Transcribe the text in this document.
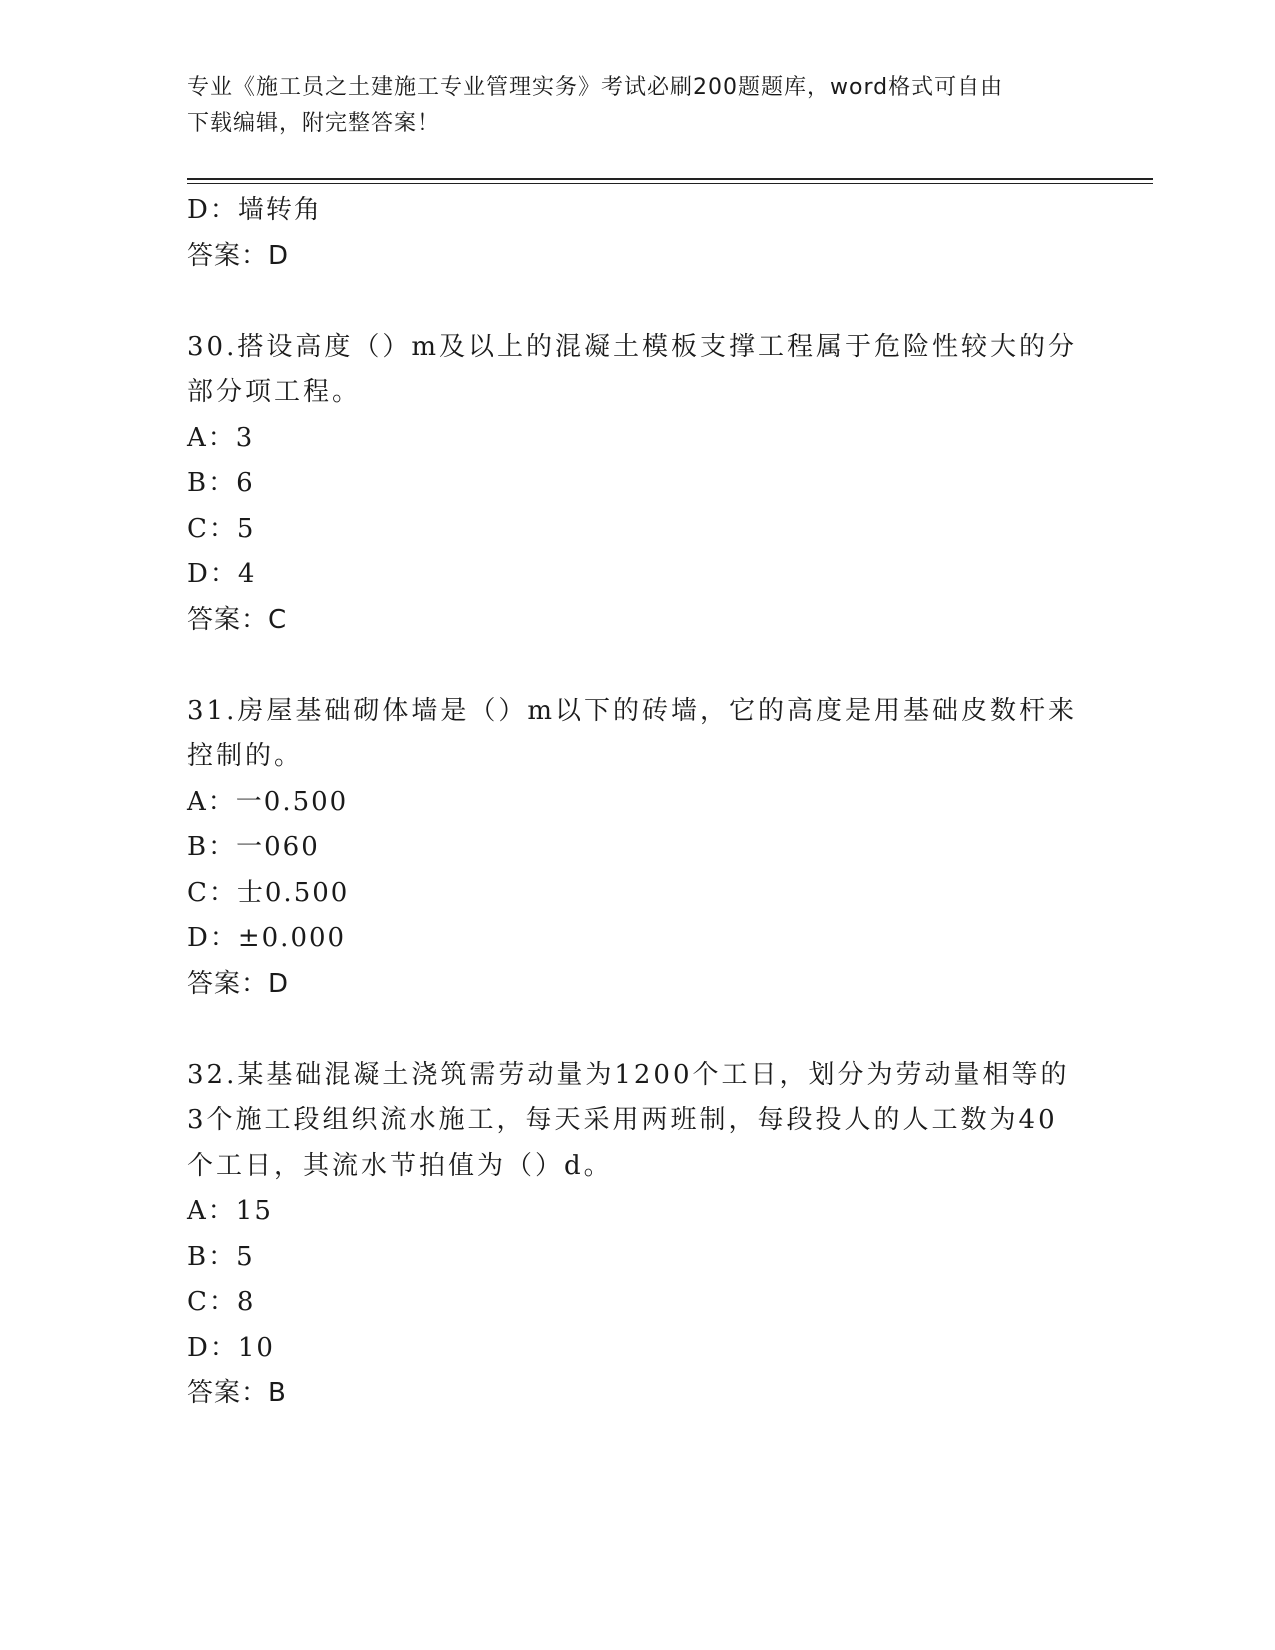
专业《施工员之土建施工专业管理实务》考试必刷200题题库，word格式可自由
下载编辑，附完整答案！
D：墙转角
答案：D
30.搭设高度（）m及以上的混凝土模板支撑工程属于危险性较大的分
部分项工程。
A：3
B：6
C：5
D：4
答案：C
31.房屋基础砌体墙是（）m以下的砖墙，它的高度是用基础皮数杆来
控制的。
A：一0.500
B：一060
C：士0.500
D：±0.000
答案：D
32.某基础混凝土浇筑需劳动量为1200个工日，划分为劳动量相等的
3个施工段组织流水施工，每天采用两班制，每段投人的人工数为40
个工日，其流水节拍值为（）d。
A：15
B：5
C：8
D：10
答案：B
